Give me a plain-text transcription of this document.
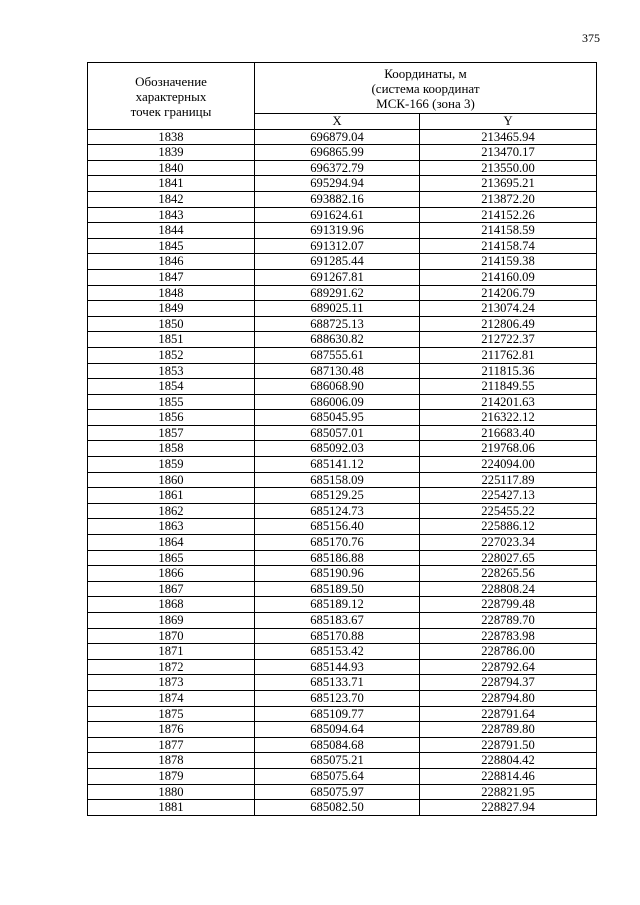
375
Обозначение
характерных
точек границы	Координаты, м
(система координат
МСК-166 (зона 3)	

	X	Y
1838	696879.04	213465.94
1839	696865.99	213470.17
1840	696372.79	213550.00
1841	695294.94	213695.21
1842	693882.16	213872.20
1843	691624.61	214152.26
1844	691319.96	214158.59
1845	691312.07	214158.74
1846	691285.44	214159.38
1847	691267.81	214160.09
1848	689291.62	214206.79
1849	689025.11	213074.24
1850	688725.13	212806.49
1851	688630.82	212722.37
1852	687555.61	211762.81
1853	687130.48	211815.36
1854	686068.90	211849.55
1855	686006.09	214201.63
1856	685045.95	216322.12
1857	685057.01	216683.40
1858	685092.03	219768.06
1859	685141.12	224094.00
1860	685158.09	225117.89
1861	685129.25	225427.13
1862	685124.73	225455.22
1863	685156.40	225886.12
1864	685170.76	227023.34
1865	685186.88	228027.65
1866	685190.96	228265.56
1867	685189.50	228808.24
1868	685189.12	228799.48
1869	685183.67	228789.70
1870	685170.88	228783.98
1871	685153.42	228786.00
1872	685144.93	228792.64
1873	685133.71	228794.37
1874	685123.70	228794.80
1875	685109.77	228791.64
1876	685094.64	228789.80
1877	685084.68	228791.50
1878	685075.21	228804.42
1879	685075.64	228814.46
1880	685075.97	228821.95
1881	685082.50	228827.94
